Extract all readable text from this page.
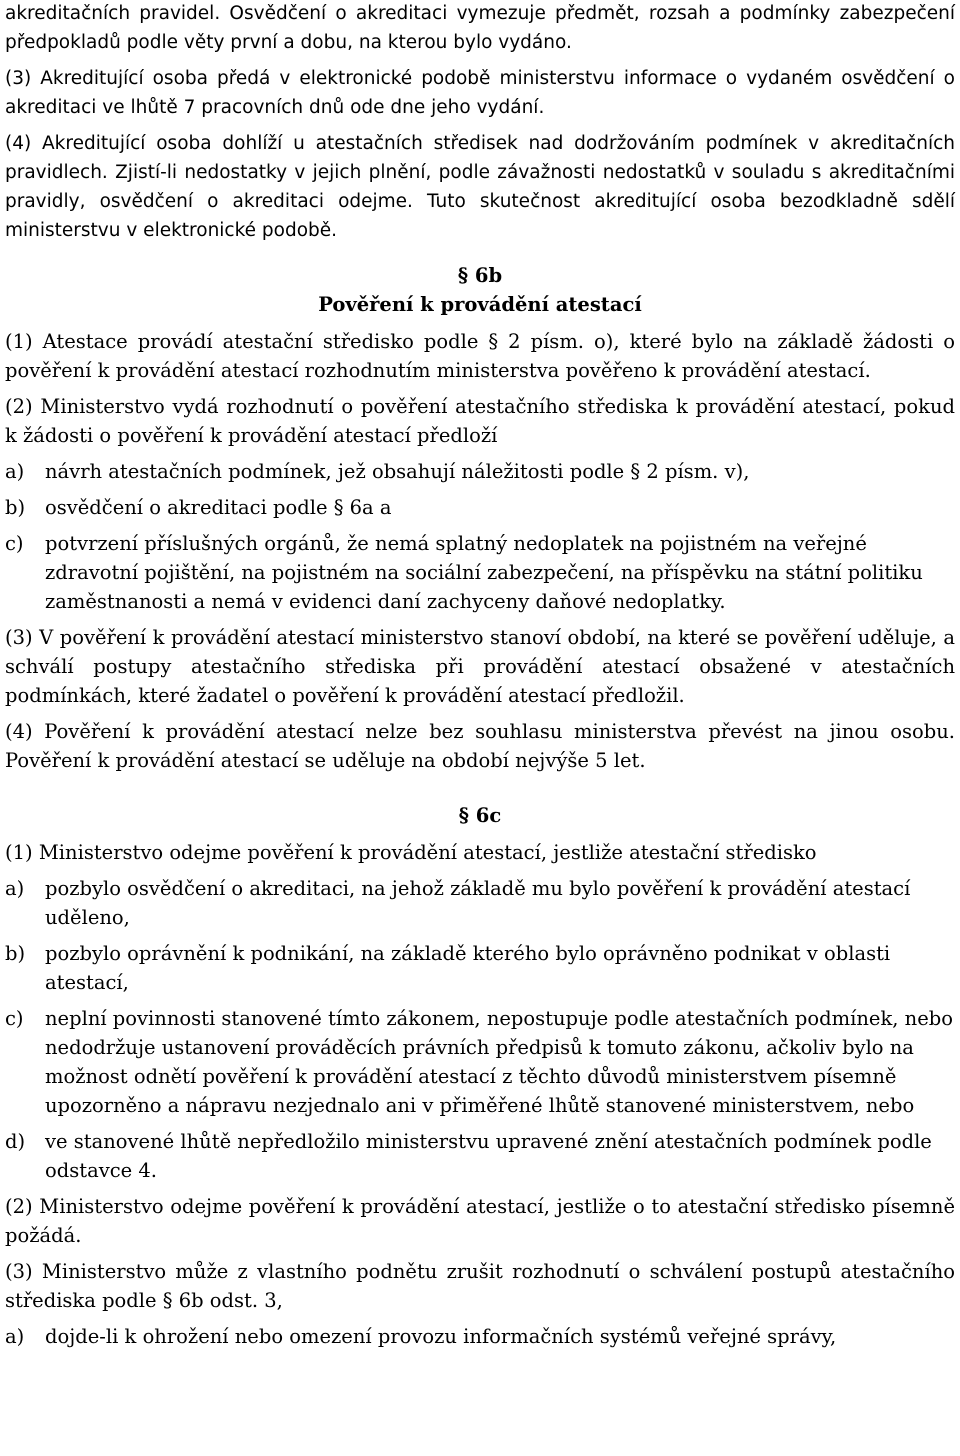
akreditačních pravidel. Osvědčení o akreditaci vymezuje předmět, rozsah a podmínky zabezpečení předpokladů podle věty první a dobu, na kterou bylo vydáno.

(3) Akreditující osoba předá v elektronické podobě ministerstvu informace o vydaném osvědčení o akreditaci ve lhůtě 7 pracovních dnů ode dne jeho vydání.

(4) Akreditující osoba dohlíží u atestačních středisek nad dodržováním podmínek v akreditačních pravidlech. Zjistí-li nedostatky v jejich plnění, podle závažnosti nedostatků v souladu s akreditačními pravidly, osvědčení o akreditaci odejme. Tuto skutečnost akreditující osoba bezodkladně sdělí ministerstvu v elektronické podobě.

§ 6b

Pověření k provádění atestací

(1) Atestace provádí atestační středisko podle § 2 písm. o), které bylo na základě žádosti o pověření k provádění atestací rozhodnutím ministerstva pověřeno k provádění atestací.

(2) Ministerstvo vydá rozhodnutí o pověření atestačního střediska k provádění atestací, pokud k žádosti o pověření k provádění atestací předloží

a)	návrh atestačních podmínek, jež obsahují náležitosti podle § 2 písm. v),
b)	osvědčení o akreditaci podle § 6a a
c)	potvrzení příslušných orgánů, že nemá splatný nedoplatek na pojistném na veřejné zdravotní pojištění, na pojistném na sociální zabezpečení, na příspěvku na státní politiku zaměstnanosti a nemá v evidenci daní zachyceny daňové nedoplatky.

(3) V pověření k provádění atestací ministerstvo stanoví období, na které se pověření uděluje, a schválí postupy atestačního střediska při provádění atestací obsažené v atestačních podmínkách, které žadatel o pověření k provádění atestací předložil.

(4) Pověření k provádění atestací nelze bez souhlasu ministerstva převést na jinou osobu. Pověření k provádění atestací se uděluje na období nejvýše 5 let.

§ 6c

(1) Ministerstvo odejme pověření k provádění atestací, jestliže atestační středisko

a)	pozbylo osvědčení o akreditaci, na jehož základě mu bylo pověření k provádění atestací uděleno,
b)	pozbylo oprávnění k podnikání, na základě kterého bylo oprávněno podnikat v oblasti atestací,
c)	neplní povinnosti stanovené tímto zákonem, nepostupuje podle atestačních podmínek, nebo nedodržuje ustanovení prováděcích právních předpisů k tomuto zákonu, ačkoliv bylo na možnost odnětí pověření k provádění atestací z těchto důvodů ministerstvem písemně upozorněno a nápravu nezjednalo ani v přiměřené lhůtě stanovené ministerstvem, nebo
d)	ve stanovené lhůtě nepředložilo ministerstvu upravené znění atestačních podmínek podle odstavce 4.

(2) Ministerstvo odejme pověření k provádění atestací, jestliže o to atestační středisko písemně požádá.

(3) Ministerstvo může z vlastního podnětu zrušit rozhodnutí o schválení postupů atestačního střediska podle § 6b odst. 3,

a)	dojde-li k ohrožení nebo omezení provozu informačních systémů veřejné správy,
